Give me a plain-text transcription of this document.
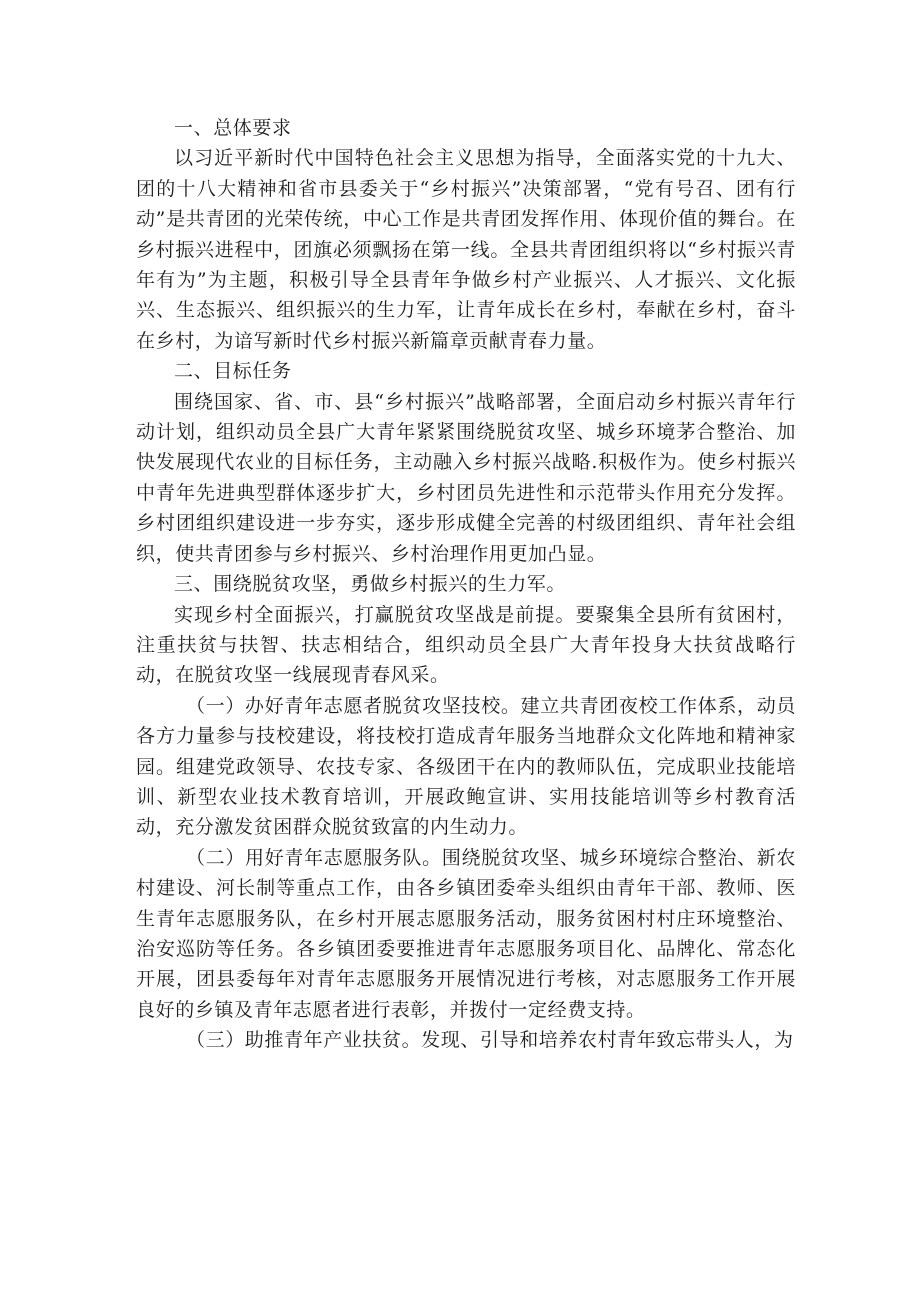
一、总体要求

以习近平新时代中国特色社会主义思想为指导，全面落实党的十九大、团的十八大精神和省市县委关于“乡村振兴”决策部署，“党有号召、团有行动”是共青团的光荣传统，中心工作是共青团发挥作用、体现价值的舞台。在乡村振兴进程中，团旗必须飘扬在第一线。全县共青团组织将以“乡村振兴青年有为”为主题，积极引导全县青年争做乡村产业振兴、人才振兴、文化振兴、生态振兴、组织振兴的生力军，让青年成长在乡村，奉献在乡村，奋斗在乡村，为谙写新时代乡村振兴新篇章贡献青春力量。

二、目标任务

围绕国家、省、市、县“乡村振兴”战略部署，全面启动乡村振兴青年行动计划，组织动员全县广大青年紧紧围绕脱贫攻坚、城乡环境茅合整治、加快发展现代农业的目标任务，主动融入乡村振兴战略.积极作为。使乡村振兴中青年先进典型群体逐步扩大，乡村团员先进性和示范带头作用充分发挥。乡村团组织建设进一步夯实，逐步形成健全完善的村级团组织、青年社会组织，使共青团参与乡村振兴、乡村治理作用更加凸显。

三、围绕脱贫攻坚，勇做乡村振兴的生力军。

实现乡村全面振兴，打赢脱贫攻坚战是前提。要聚集全县所有贫困村，注重扶贫与扶智、扶志相结合，组织动员全县广大青年投身大扶贫战略行动，在脱贫攻坚一线展现青春风采。

（一）办好青年志愿者脱贫攻坚技校。建立共青团夜校工作体系，动员各方力量参与技校建设，将技校打造成青年服务当地群众文化阵地和精神家园。组建党政领导、农技专家、各级团干在内的教师队伍，完成职业技能培训、新型农业技术教育培训，开展政鲍宣讲、实用技能培训等乡村教育活动，充分激发贫困群众脱贫致富的内生动力。

（二）用好青年志愿服务队。围绕脱贫攻坚、城乡环境综合整治、新农村建设、河长制等重点工作，由各乡镇团委牵头组织由青年干部、教师、医生青年志愿服务队，在乡村开展志愿服务活动，服务贫困村村庄环境整治、治安巡防等任务。各乡镇团委要推进青年志愿服务项目化、品牌化、常态化开展，团县委每年对青年志愿服务开展情况进行考核，对志愿服务工作开展良好的乡镇及青年志愿者进行表彰，并拨付一定经费支持。

（三）助推青年产业扶贫。发现、引导和培养农村青年致忘带头人，为
